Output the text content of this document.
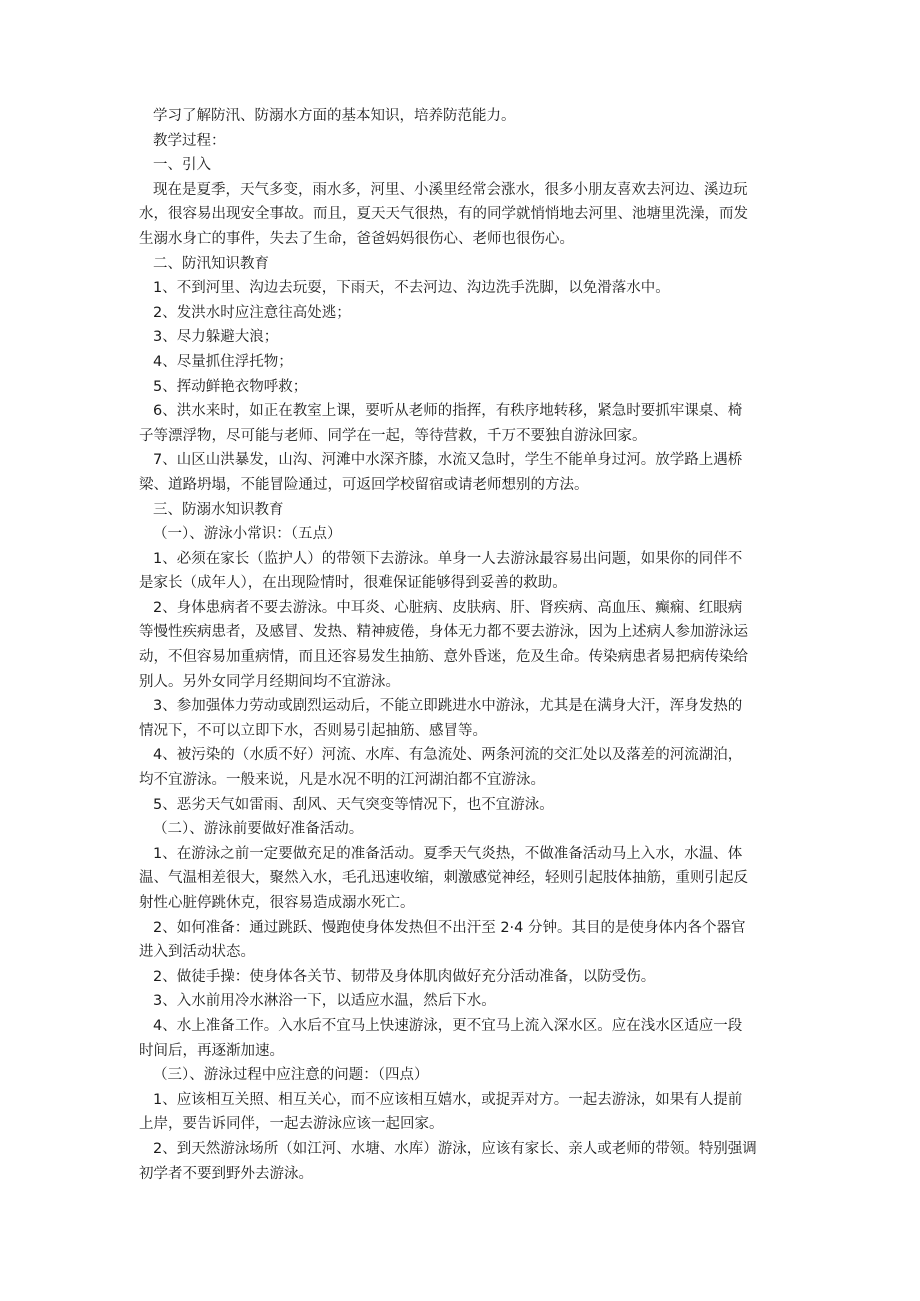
学习了解防汛、防溺水方面的基本知识，培养防范能力。

教学过程：

一、引入

现在是夏季，天气多变，雨水多，河里、小溪里经常会涨水，很多小朋友喜欢去河边、溪边玩

水，很容易出现安全事故。而且，夏天天气很热，有的同学就悄悄地去河里、池塘里洗澡，而发

生溺水身亡的事件，失去了生命，爸爸妈妈很伤心、老师也很伤心。

二、防汛知识教育

1、不到河里、沟边去玩耍，下雨天，不去河边、沟边洗手洗脚，以免滑落水中。

2、发洪水时应注意往高处逃；

3、尽力躲避大浪；

4、尽量抓住浮托物；

5、挥动鲜艳衣物呼救；

6、洪水来时，如正在教室上课，要听从老师的指挥，有秩序地转移，紧急时要抓牢课桌、椅

子等漂浮物，尽可能与老师、同学在一起，等待营救，千万不要独自游泳回家。

7、山区山洪暴发，山沟、河滩中水深齐膝，水流又急时，学生不能单身过河。放学路上遇桥

梁、道路坍塌，不能冒险通过，可返回学校留宿或请老师想别的方法。

三、防溺水知识教育

（一）、游泳小常识：（五点）

1、必须在家长（监护人）的带领下去游泳。单身一人去游泳最容易出问题，如果你的同伴不

是家长（成年人），在出现险情时，很难保证能够得到妥善的救助。

2、身体患病者不要去游泳。中耳炎、心脏病、皮肤病、肝、肾疾病、高血压、癫痫、红眼病

等慢性疾病患者，及感冒、发热、精神疲倦，身体无力都不要去游泳，因为上述病人参加游泳运

动，不但容易加重病情，而且还容易发生抽筋、意外昏迷，危及生命。传染病患者易把病传染给

别人。另外女同学月经期间均不宜游泳。

3、参加强体力劳动或剧烈运动后，不能立即跳进水中游泳，尤其是在满身大汗，浑身发热的

情况下，不可以立即下水，否则易引起抽筋、感冒等。

4、被污染的（水质不好）河流、水库、有急流处、两条河流的交汇处以及落差的河流湖泊，

均不宜游泳。一般来说，凡是水况不明的江河湖泊都不宜游泳。

5、恶劣天气如雷雨、刮风、天气突变等情况下，也不宜游泳。

（二）、游泳前要做好准备活动。

1、在游泳之前一定要做充足的准备活动。夏季天气炎热，不做准备活动马上入水，水温、体

温、气温相差很大，聚然入水，毛孔迅速收缩，刺激感觉神经，轻则引起肢体抽筋，重则引起反

射性心脏停跳休克，很容易造成溺水死亡。

2、如何准备：通过跳跃、慢跑使身体发热但不出汗至 2·4 分钟。其目的是使身体内各个器官

进入到活动状态。

2、做徒手操：使身体各关节、韧带及身体肌肉做好充分活动准备，以防受伤。

3、入水前用冷水淋浴一下，以适应水温，然后下水。

4、水上准备工作。入水后不宜马上快速游泳，更不宜马上流入深水区。应在浅水区适应一段

时间后，再逐渐加速。

（三）、游泳过程中应注意的问题：（四点）

1、应该相互关照、相互关心，而不应该相互嬉水，或捉弄对方。一起去游泳，如果有人提前

上岸，要告诉同伴，一起去游泳应该一起回家。

2、到天然游泳场所（如江河、水塘、水库）游泳，应该有家长、亲人或老师的带领。特别强调

初学者不要到野外去游泳。
